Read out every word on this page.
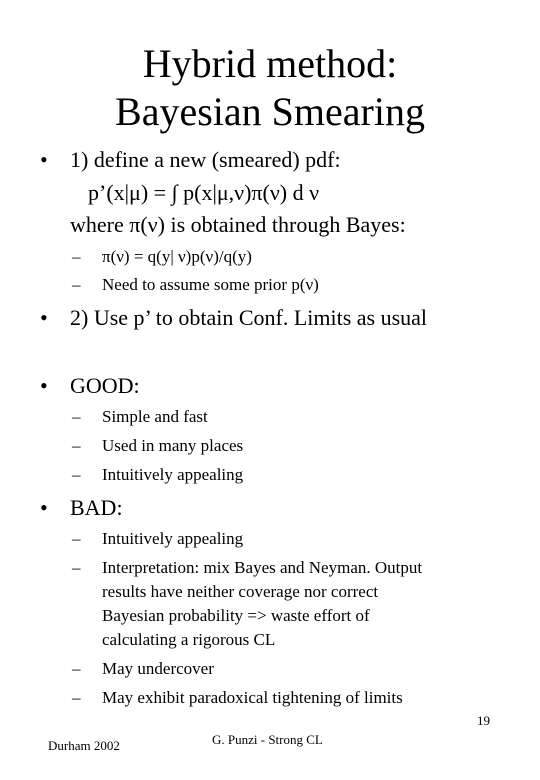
Hybrid method:
Bayesian Smearing
• 1) define a new (smeared) pdf:
p’(x|μ) = ∫ p(x|μ,ν)π(ν) d ν
where π(ν) is obtained through Bayes:
– π(ν) = q(y| ν)p(ν)/q(y)
– Need to assume some prior p(ν)
• 2) Use p’ to obtain Conf. Limits as usual
• GOOD:
– Simple and fast
– Used in many places
– Intuitively appealing
• BAD:
– Intuitively appealing
– Interpretation: mix Bayes and Neyman. Output
results have neither coverage nor correct
Bayesian probability => waste effort of
calculating a rigorous CL
– May undercover
– May exhibit paradoxical tightening of limits
19
Durham 2002	G. Punzi - Strong CL
